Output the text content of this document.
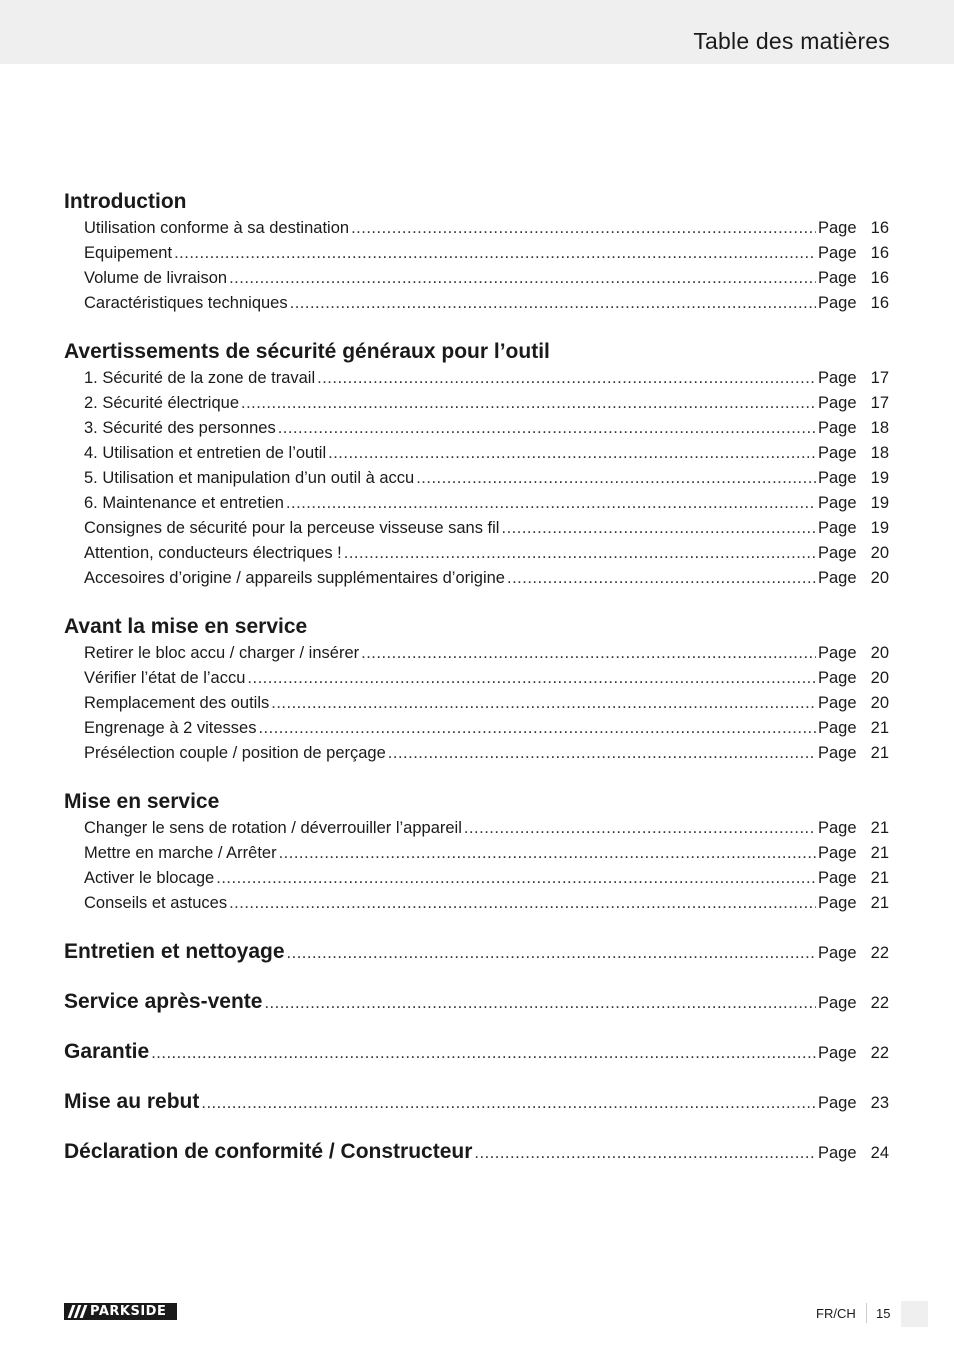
Table des matières
Introduction
Utilisation conforme à sa destination .....	Page 16
Equipement .....	Page 16
Volume de livraison .....	Page 16
Caractéristiques techniques .....	Page 16
Avertissements de sécurité généraux pour l’outil
1. Sécurité de la zone de travail .....	Page 17
2. Sécurité électrique .....	Page 17
3. Sécurité des personnes .....	Page 18
4. Utilisation et entretien de l’outil .....	Page 18
5. Utilisation et manipulation d’un outil à accu .....	Page 19
6. Maintenance et entretien .....	Page 19
Consignes de sécurité pour la perceuse visseuse sans fil .....	Page 19
Attention, conducteurs électriques ! .....	Page 20
Accesoires d’origine / appareils supplémentaires d’origine .....	Page 20
Avant la mise en service
Retirer le bloc accu / charger / insérer .....	Page 20
Vérifier l’état de l’accu .....	Page 20
Remplacement des outils .....	Page 20
Engrenage à 2 vitesses .....	Page 21
Présélection couple / position de perçage .....	Page 21
Mise en service
Changer le sens de rotation / déverrouiller l’appareil .....	Page 21
Mettre en marche / Arrêter .....	Page 21
Activer le blocage .....	Page 21
Conseils et astuces .....	Page 21
Entretien et nettoyage .....	Page 22
Service après-vente .....	Page 22
Garantie .....	Page 22
Mise au rebut .....	Page 23
Déclaration de conformité / Constructeur .....	Page 24
PARKSIDE	FR/CH 15
